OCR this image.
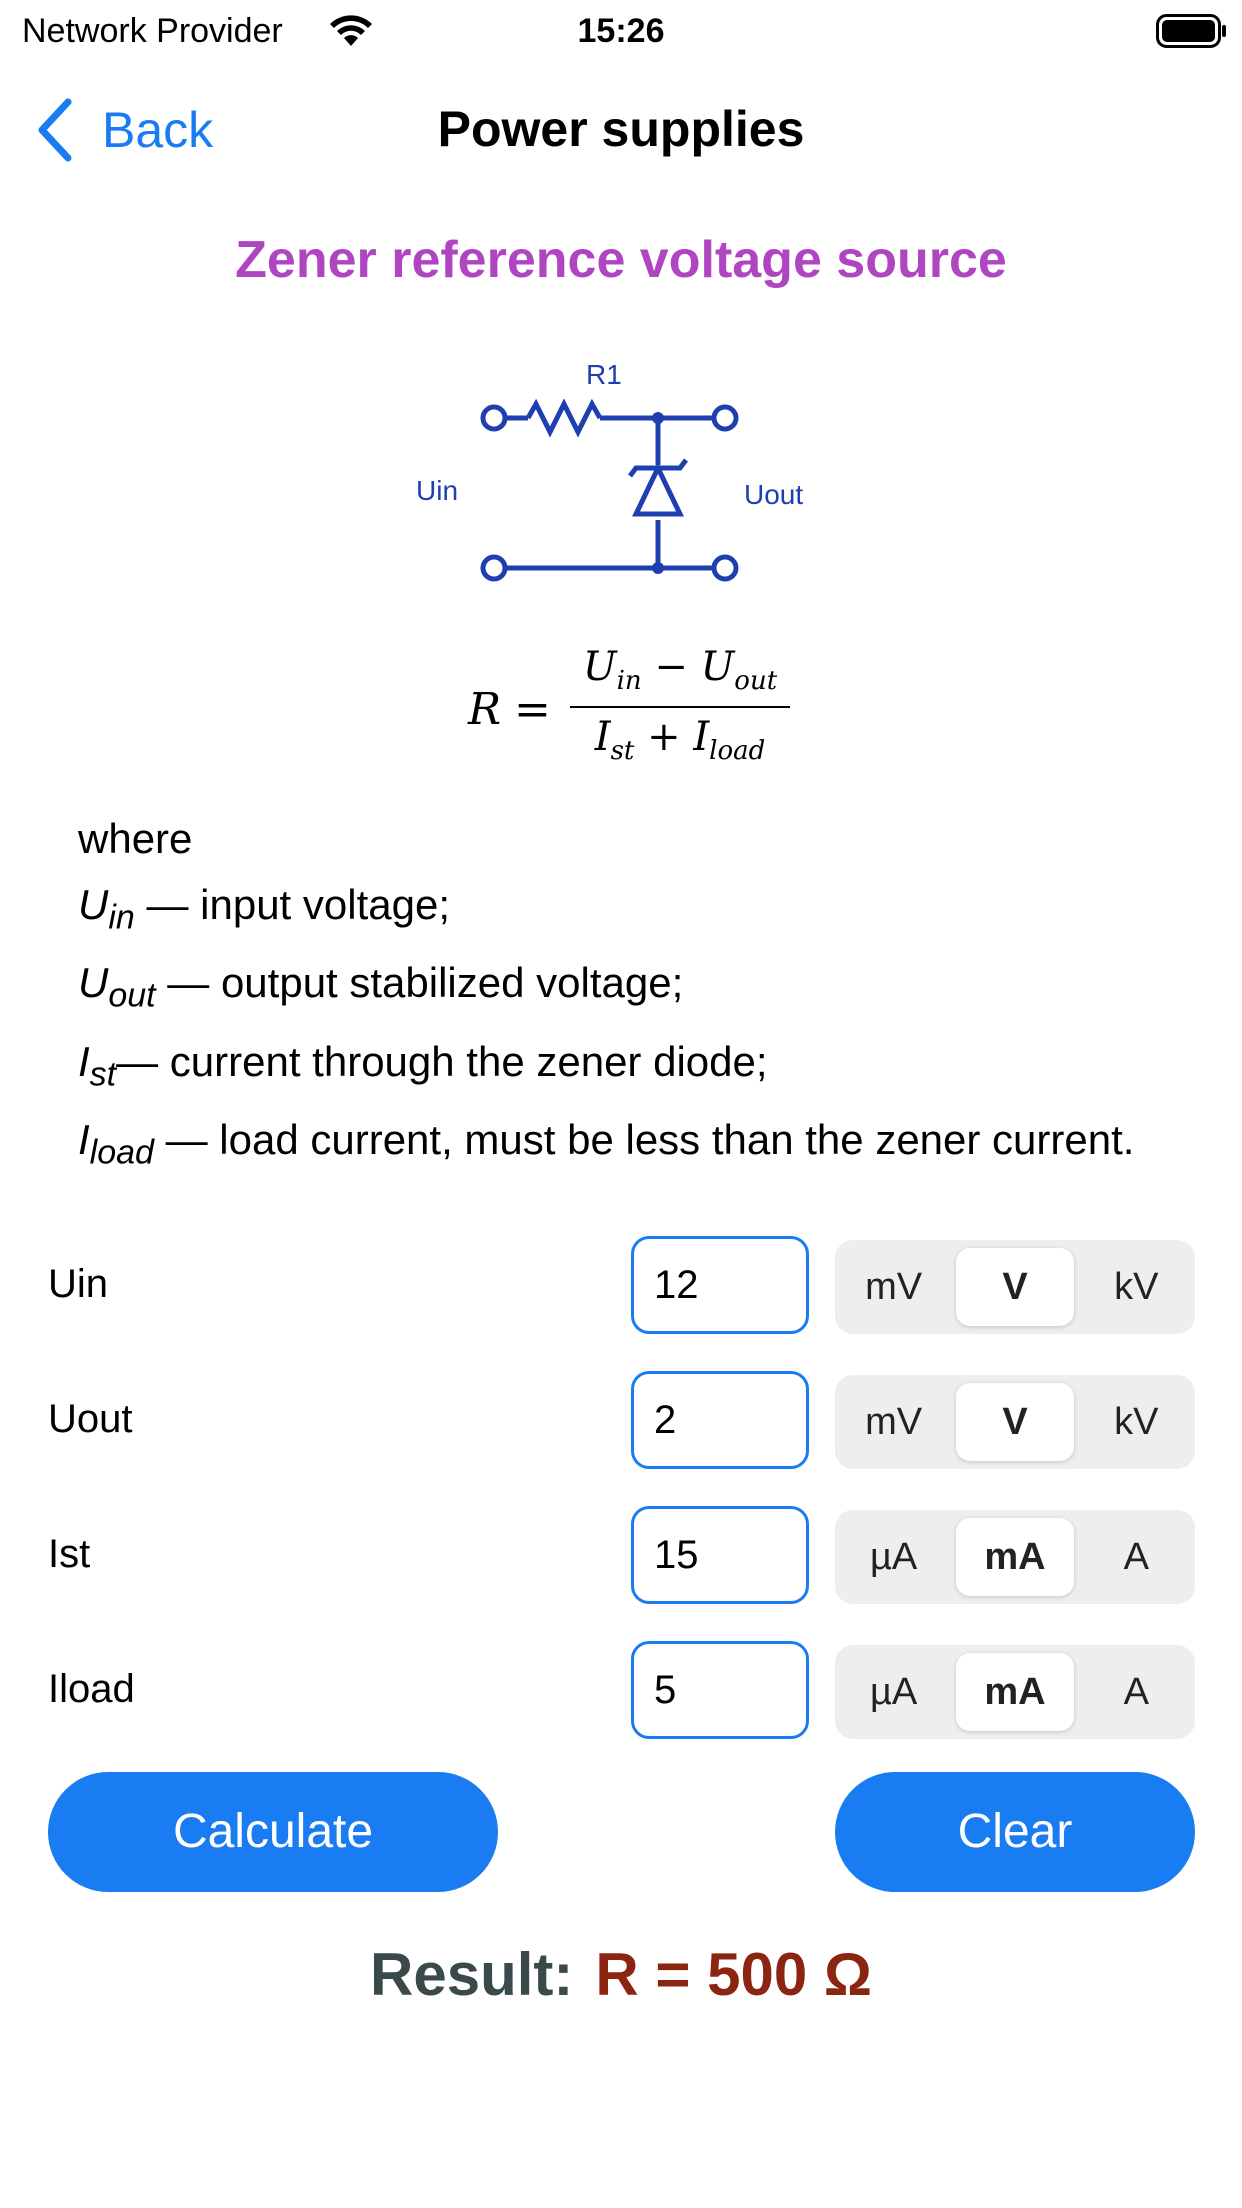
Network Provider	15:26
Back	Power supplies
Zener reference voltage source
R1
Uin	Uout
R =
$U_{in} - U_{out}$
$I_{st} + I_{load}$
where
$U_{in}$ — input voltage;
$U_{out}$ — output stabilized voltage;
$I_{st}—$ current through the zener diode;
$I_{load}$ — load current, must be less than the zener current.
Uin	12	mV	V	kV
Uout	2	mV	V	kV
Ist	15	µA	mA	A
Iload	5	µA	mA	A
Calculate	Clear
Result: R = 500 Ω
